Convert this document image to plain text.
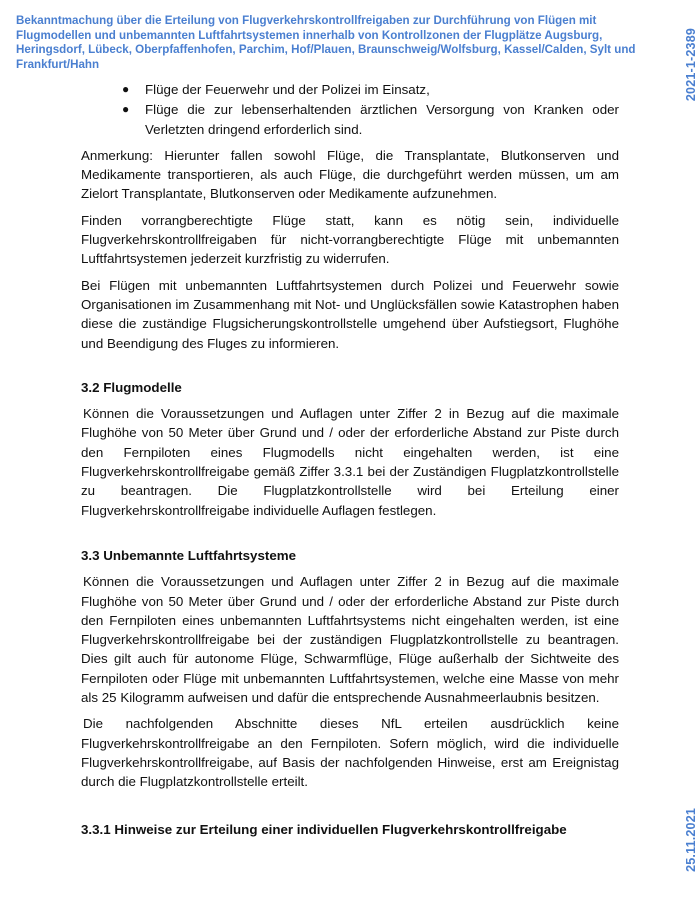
Bekanntmachung über die Erteilung von Flugverkehrskontrollfreigaben zur Durchführung von Flügen mit Flugmodellen und unbemannten Luftfahrtsystemen innerhalb von Kontrollzonen der Flugplätze Augsburg, Heringsdorf, Lübeck, Oberpfaffenhofen, Parchim, Hof/Plauen, Braunschweig/Wolfsburg, Kassel/Calden, Sylt und Frankfurt/Hahn	2021-1-2389
25.11.2021
● Flüge der Feuerwehr und der Polizei im Einsatz,
● Flüge die zur lebenserhaltenden ärztlichen Versorgung von Kranken oder Verletzten dringend erforderlich sind.

Anmerkung: Hierunter fallen sowohl Flüge, die Transplantate, Blutkonserven und Medikamente transportieren, als auch Flüge, die durchgeführt werden müssen, um am Zielort Transplantate, Blutkonserven oder Medikamente aufzunehmen.

Finden vorrangberechtigte Flüge statt, kann es nötig sein, individuelle Flugverkehrskontrollfreigaben für nicht-vorrangberechtigte Flüge mit unbemannten Luftfahrtsystemen jederzeit kurzfristig zu widerrufen.

Bei Flügen mit unbemannten Luftfahrtsystemen durch Polizei und Feuerwehr sowie Organisationen im Zusammenhang mit Not- und Unglücksfällen sowie Katastrophen haben diese die zuständige Flugsicherungskontrollstelle umgehend über Aufstiegsort, Flughöhe und Beendigung des Fluges zu informieren.

3.2 Flugmodelle

Können die Voraussetzungen und Auflagen unter Ziffer 2 in Bezug auf die maximale Flughöhe von 50 Meter über Grund und / oder der erforderliche Abstand zur Piste durch den Fernpiloten eines Flugmodells nicht eingehalten werden, ist eine Flugverkehrskontrollfreigabe gemäß Ziffer 3.3.1 bei der Zuständigen Flugplatzkontrollstelle zu beantragen. Die Flugplatzkontrollstelle wird bei Erteilung einer Flugverkehrskontrollfreigabe individuelle Auflagen festlegen.

3.3 Unbemannte Luftfahrtsysteme

Können die Voraussetzungen und Auflagen unter Ziffer 2 in Bezug auf die maximale Flughöhe von 50 Meter über Grund und / oder der erforderliche Abstand zur Piste durch den Fernpiloten eines unbemannten Luftfahrtsystems nicht eingehalten werden, ist eine Flugverkehrskontrollfreigabe bei der zuständigen Flugplatzkontrollstelle zu beantragen. Dies gilt auch für autonome Flüge, Schwarmflüge, Flüge außerhalb der Sichtweite des Fernpiloten oder Flüge mit unbemannten Luftfahrtsystemen, welche eine Masse von mehr als 25 Kilogramm aufweisen und dafür die entsprechende Ausnahmeerlaubnis besitzen.

Die nachfolgenden Abschnitte dieses NfL erteilen ausdrücklich keine Flugverkehrskontrollfreigabe an den Fernpiloten. Sofern möglich, wird die individuelle Flugverkehrskontrollfreigabe, auf Basis der nachfolgenden Hinweise, erst am Ereignistag durch die Flugplatzkontrollstelle erteilt.

3.3.1 Hinweise zur Erteilung einer individuellen Flugverkehrskontrollfreigabe
